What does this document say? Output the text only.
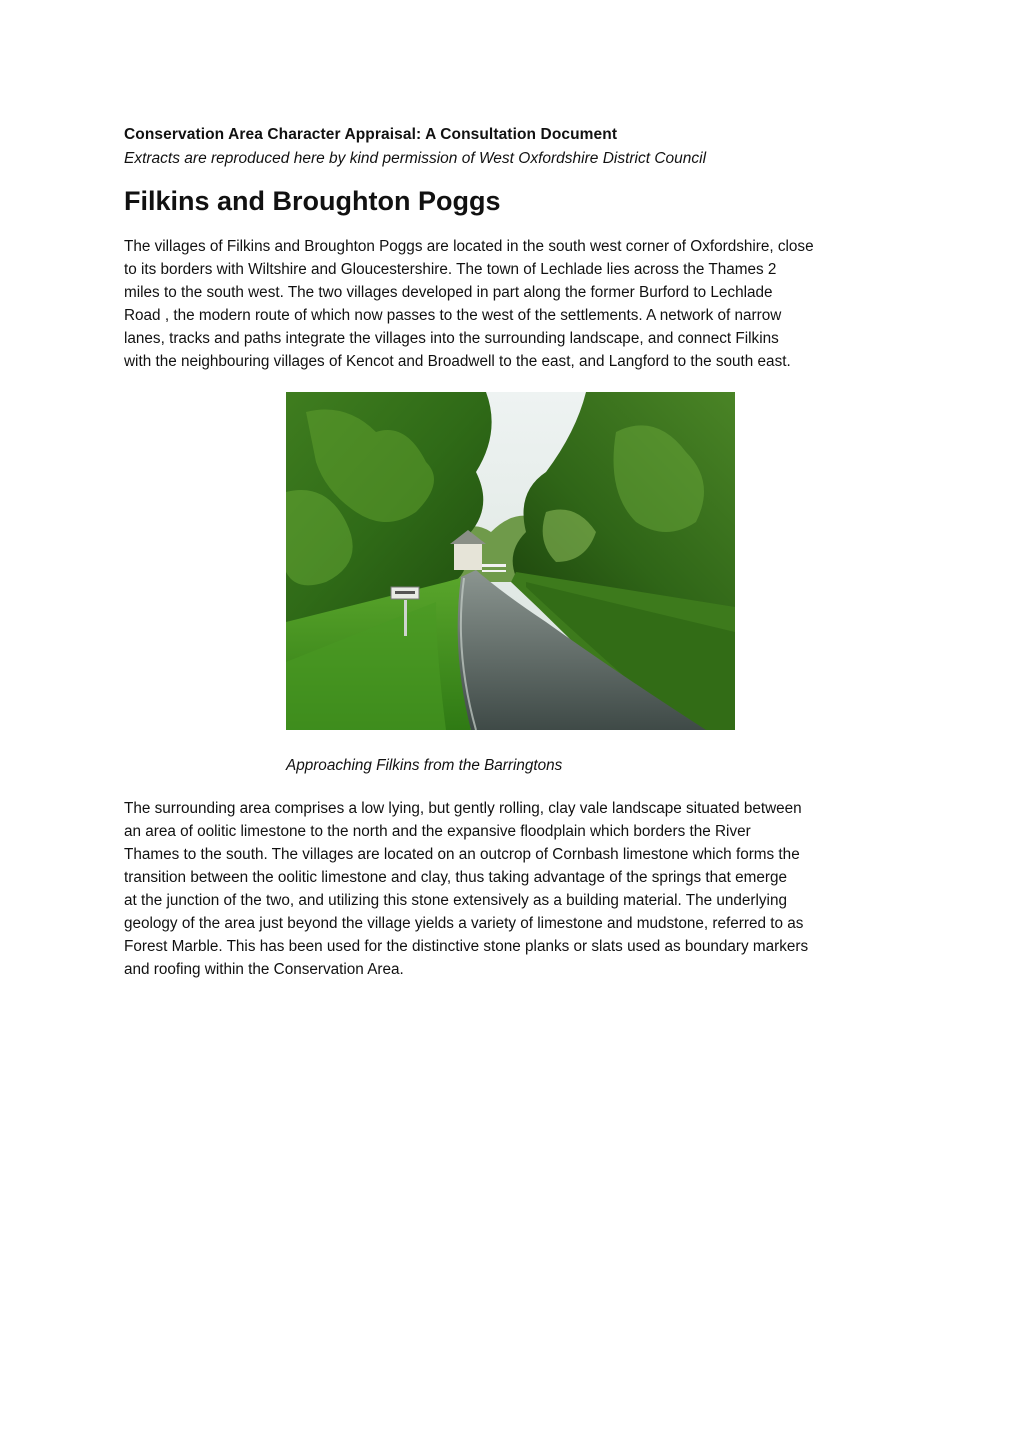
Conservation Area Character Appraisal: A Consultation Document
Extracts are reproduced here by kind permission of West Oxfordshire District Council
Filkins and Broughton Poggs

The villages of Filkins and Broughton Poggs are located in the south west corner of Oxfordshire, close
to its borders with Wiltshire and Gloucestershire. The town of Lechlade lies across the Thames 2
miles to the south west. The two villages developed in part along the former Burford to Lechlade
Road , the modern route of which now passes to the west of the settlements. A network of narrow
lanes, tracks and paths integrate the villages into the surrounding landscape, and connect Filkins
with the neighbouring villages of Kencot and Broadwell to the east, and Langford to the south east.

Approaching Filkins from the Barringtons

The surrounding area comprises a low lying, but gently rolling, clay vale landscape situated between
an area of oolitic limestone to the north and the expansive floodplain which borders the River
Thames to the south. The villages are located on an outcrop of Cornbash limestone which forms the
transition between the oolitic limestone and clay, thus taking advantage of the springs that emerge
at the junction of the two, and utilizing this stone extensively as a building material. The underlying
geology of the area just beyond the village yields a variety of limestone and mudstone, referred to as
Forest Marble. This has been used for the distinctive stone planks or slats used as boundary markers
and roofing within the Conservation Area.
